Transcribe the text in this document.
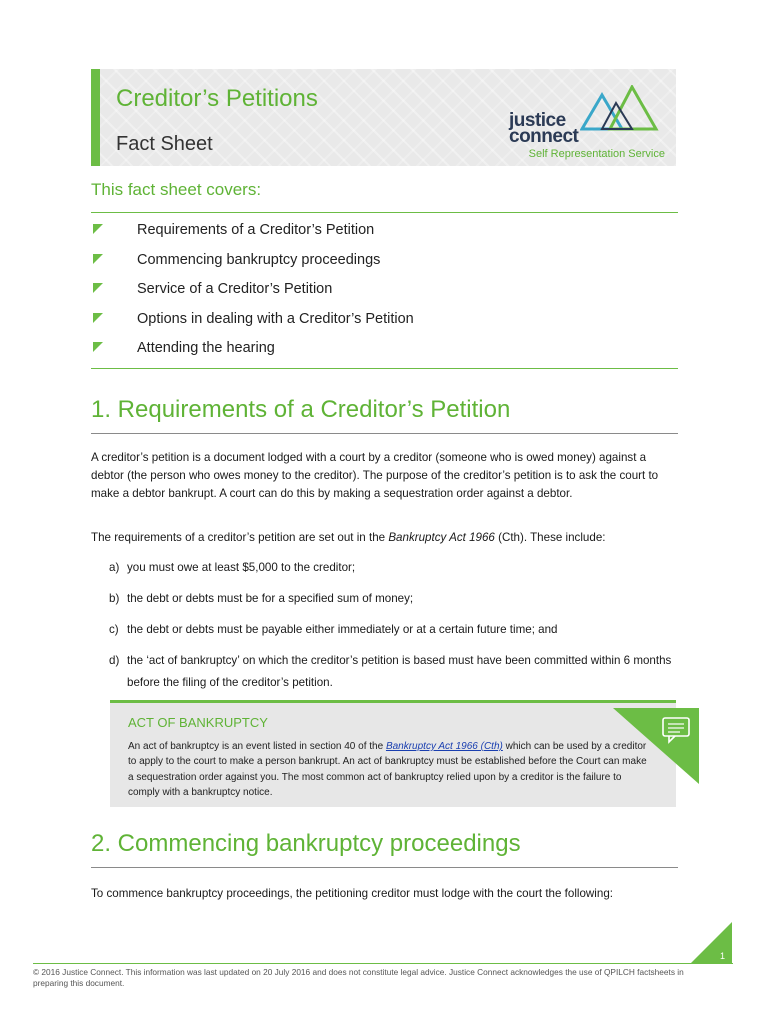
Creditor’s Petitions
Fact Sheet
justice
connect
Self Representation Service
This fact sheet covers:
Requirements of a Creditor’s Petition
Commencing bankruptcy proceedings
Service of a Creditor’s Petition
Options in dealing with a Creditor’s Petition
Attending the hearing
1. Requirements of a Creditor’s Petition
A creditor’s petition is a document lodged with a court by a creditor (someone who is owed money) against a debtor (the person who owes money to the creditor). The purpose of the creditor’s petition is to ask the court to make a debtor bankrupt. A court can do this by making a sequestration order against a debtor.
The requirements of a creditor’s petition are set out in the Bankruptcy Act 1966 (Cth). These include:
a) you must owe at least $5,000 to the creditor;
b) the debt or debts must be for a specified sum of money;
c) the debt or debts must be payable either immediately or at a certain future time; and
d) the ‘act of bankruptcy’ on which the creditor’s petition is based must have been committed within 6 months before the filing of the creditor’s petition.
ACT OF BANKRUPTCY
An act of bankruptcy is an event listed in section 40 of the Bankruptcy Act 1966 (Cth) which can be used by a creditor to apply to the court to make a person bankrupt. An act of bankruptcy must be established before the Court can make a sequestration order against you. The most common act of bankruptcy relied upon by a creditor is the failure to comply with a bankruptcy notice.
2. Commencing bankruptcy proceedings
To commence bankruptcy proceedings, the petitioning creditor must lodge with the court the following:
1
© 2016 Justice Connect. This information was last updated on 20 July 2016 and does not constitute legal advice. Justice Connect acknowledges the use of QPILCH factsheets in preparing this document.
